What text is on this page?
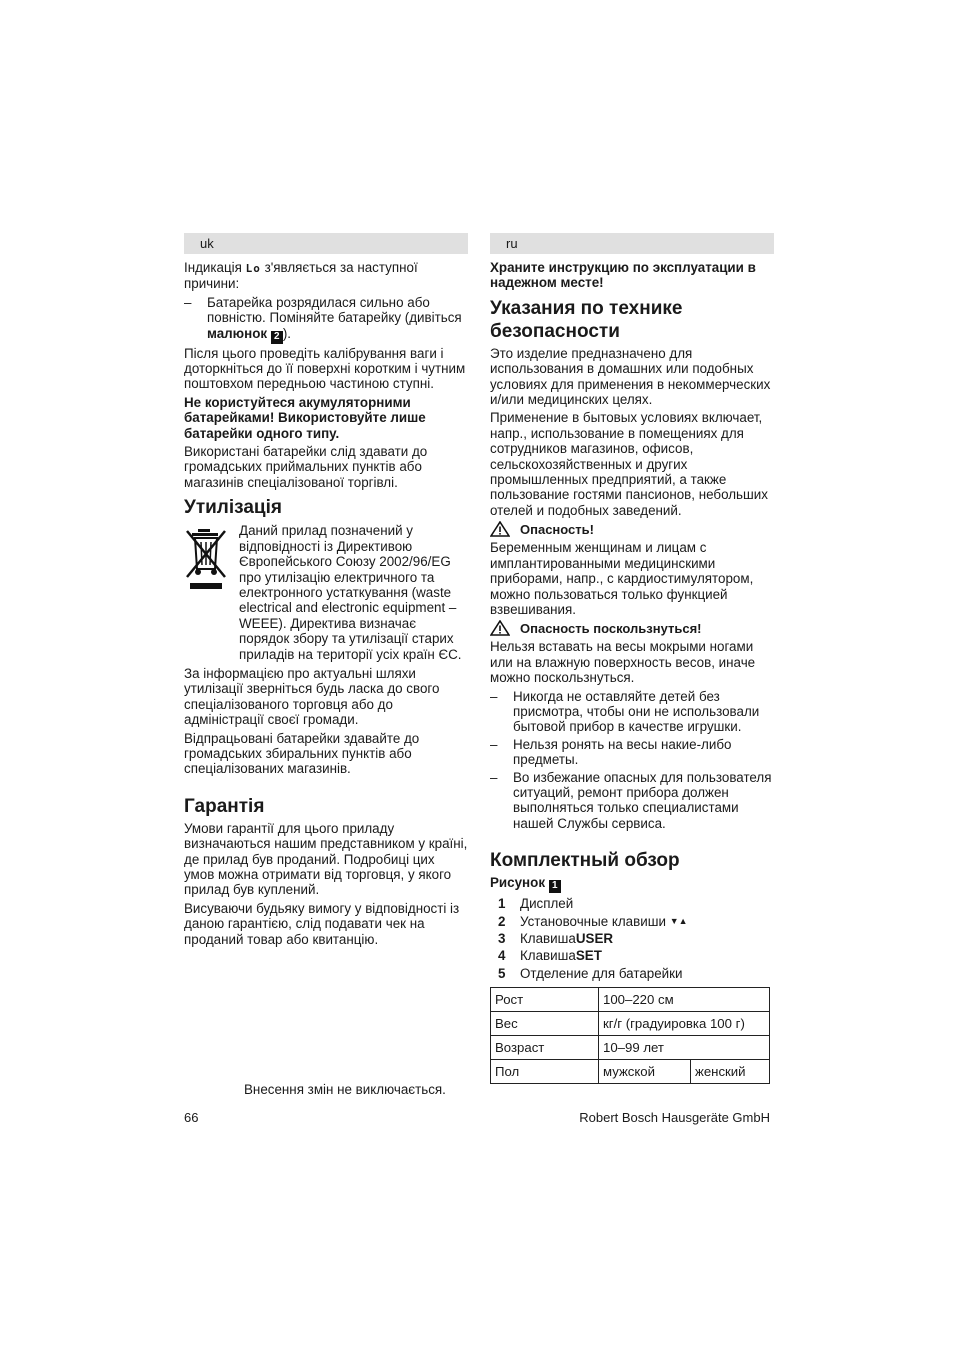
uk

Індикація Lo з'являється за наступної причини:

– Батарейка розрядилася сильно або повністю. Поміняйте батарейку (дивіться малюнок 2 ).

Після цього проведіть калібрування ваги і доторкніться до її поверхні коротким і чутним поштовхом передньою частиною ступні.

Не користуйтеся акумуляторними батарейками! Використовуйте лише батарейки одного типу.

Використані батарейки слід здавати до громадських приймальних пунктів або магазинів спеціалізованої торгівлі.

Утилізація
Даний прилад позначений у відповідності із Директивою Європейського Союзу 2002/96/EG про утилізацію електричного та електронного устаткування (waste electrical and electronic equipment – WEEE). Директива визначає порядок збору та утилізації старих приладів на території усіх країн ЄС.

За інформацією про актуальні шляхи утилізації зверніться будь ласка до свого спеціалізованого торговця або до адміністрації своєї громади.

Відпрацьовані батарейки здавайте до громадських збиральних пунктів або спеціалізованих магазинів.

Гарантія

Умови гарантії для цього приладу визначаються нашим представником у країні, де прилад був проданий. Подробиці цих умов можна отримати від торговця, у якого прилад був куплений.

Висуваючи будьяку вимогу у відповідності із даною гарантією, слід подавати чек на проданий товар або квитанцію.

ru

Храните инструкцию по эксплуатации в надежном месте!

Указания по технике безопасности

Это изделие предназначено для использования в домашних или подобных условиях для применения в некоммерческих и/или медицинских целях.

Применение в бытовых условиях включает, напр., использование в помещениях для сотрудников магазинов, офисов, сельскохозяйственных и других промышленных предприятий, а также пользование гостями пансионов, небольших отелей и подобных заведений.

Опасность!

Беременным женщинам и лицам с имплантированными медицинскими приборами, напр., с кардиостимулятором, можно пользоваться только функцией взвешивания.

Опасность поскользнуться!

Нельзя вставать на весы мокрыми ногами или на влажную поверхность весов, иначе можно поскользнуться.

– Никогда не оставляйте детей без присмотра, чтобы они не использовали бытовой прибор в качестве игрушки.
– Нельзя ронять на весы накие-либо предметы.
– Во избежание опасных для пользователя ситуаций, ремонт прибора должен выполняться только специалистами нашей Службы сервиса.
Комплектный обзор

Рисунок 1

1	Дисплей
2	Установочные клавиши
▼▲
3	Клавиша USER
4	Клавиша SET
5	Отделение для батарейки
Рост	100–220 см	
Вес	кг/г (градуировка 100 г)	
Возраст	10–99 лет	
Пол	мужской	женский
Внесення змін не виключається.
66	Robert Bosch Hausgeräte GmbH
